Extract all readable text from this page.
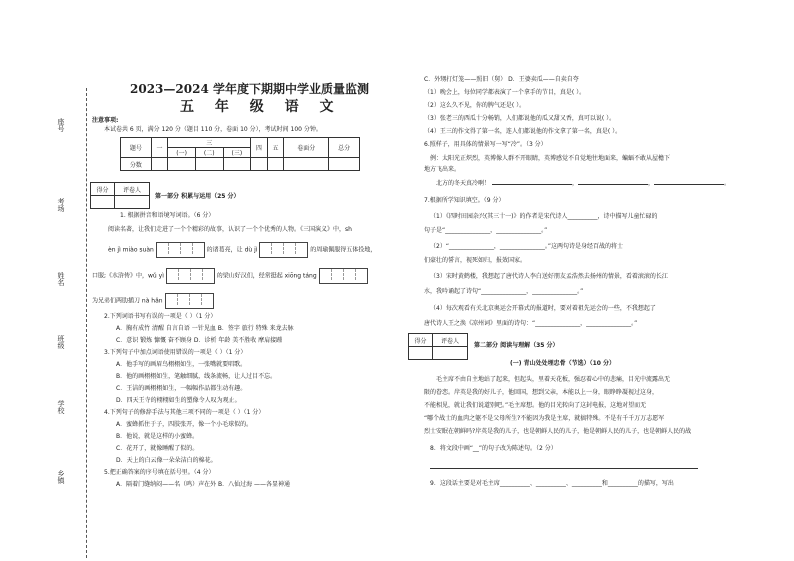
座号
考场
姓名
班级
学校
乡镇
2023—2024 学年度下期期中学业质量监测
五 年 级 语 文
注意事项:
本试卷共 6 页，满分 120 分（题目 110 分，卷面 10 分），考试时间 100 分钟。
题号	一	三			四	五	卷面分	总分
		(一)	(二)	(三)				
分数								
得分	评卷人

第一部分 积累与运用（25 分）
1. 根据拼音和语境写词语。（6 分）
阅读名著，让我们走进了一个个精彩的故事，认识了一个个优秀的人物。《三国演义》中，sh
èn jì miào suàn	的诸葛亮，让 dù jì	的周瑜佩服得五体投地，
口服;《水浒传》中，wǔ yì	的梁山好汉们，经常挺起 xiōng táng
为兄弟们两肋插刀 nà hǎn
2.下列词语书写有误的一项是（ ）（1 分）
A．胸有成竹 清醒 自言自语 一针见血 B．签字 旅行 特殊 来龙去脉
C．意识 锻炼 慷慨 奋不顾身 D．诊析 年龄 美不胜收 摩肩接踵
3.下列句子中加点词语使用错误的一项是（ ）（1 分）
A．他手写的画眉鸟栩栩如生，一张嘴就要唱歌。
B．他的画栩栩如生，笔触细腻，线条流畅，让人过目不忘。
C．王洁的画栩栩如生，一幅幅作品都生动有趣。
D．四天王寺的栩栩如生的塑像令人叹为观止。
4.下列句子的修辞手法与其他三项不同的一项是（ ）（1 分）
A．蜜蜂抓住于子，四肢张开，像一个小毛球似的。
B．他说，就是这样的小蜜蜂。
C．花开了，就像睡醒了似的。
D．天上的白云像一朵朵洁白的棉花。
5.把正确答案的序号填在括号里。（4 分）
A．隔着门缝纳闷——名（鸣）声在外 B．八仙过海 ——各显神通
C．外甥打灯笼——照旧（舅） D．王婆卖瓜——自卖自夸
（1）晚会上，每位同学都表演了一个拿手的节目，真是( ）。
（2）这么久不见，你的脾气还是( ）。
（3）张老三的西瓜十分畅销，人们都说他的瓜又甜又香，真可以说( ）。
（4）王三的作文得了第一名，连人们都说他的作文拿了第一名，真是( ）。
6.照样子，用具体的情景写一写“冷”。（3 分）
例：太阳光正炽烈，英博像人群不开眼睛，英博感觉不自觉地往地面来，蝙蝠不敢从屋檐下
地方飞出来。
北方的冬天真冷啊！	，	，	。
7.根据所学知识填空。（9 分）
（1）《四时田园杂兴(其三十一)》的作者是宋代诗人__________，诗中描写儿童忙碌的
句子是“_______________，_______________。”
（2）“_______________，_______________。”这两句诗是身经百战的将士
们豪壮的誓言，视死如归，报效国家。
（3）宋时黄鹤楼，我想起了唐代诗人李白送好朋友孟浩然去扬州的情景，看着滚滚的长江
水，我吟诵起了诗句“_______________，_______________。”
（4）每次观看有关北京奥运会开幕式的报道时，要对着祖先运会的一些，不我想起了
唐代诗人王之涣《凉州词》里面的诗句：“_______________，_______________。”
得分	评卷人

第二部分 阅读与理解（35 分）
(一) 青山处处埋忠骨（节选）（10 分）
毛主席不由自主地站了起来，但起头，里着天花板，强忍着心中的悲痛，目光中流露出无
限的眷恋。岸英是我的好儿子，他回国，想到父亲，本能以上一身，眼睁睁凝视过这身，
不能相见，就让我们说道别吧。”毛主席想。他的目光转向了这封电报，这地对望而无
“哪个战士的血肉之躯不是父母所生?不能因为我是主席，就搞特殊。不是有千千万万志愿军
烈士安眠在朝鲜吗?岸英是我的儿子，也是朝鲜人民的儿子，他是朝鲜人民的儿子，也是朝鲜人民的战
8．将文段中画“__”的句子改为陈述句。（2 分）
9．这段话主要是对毛主席__________、__________、__________和__________的描写，写出
